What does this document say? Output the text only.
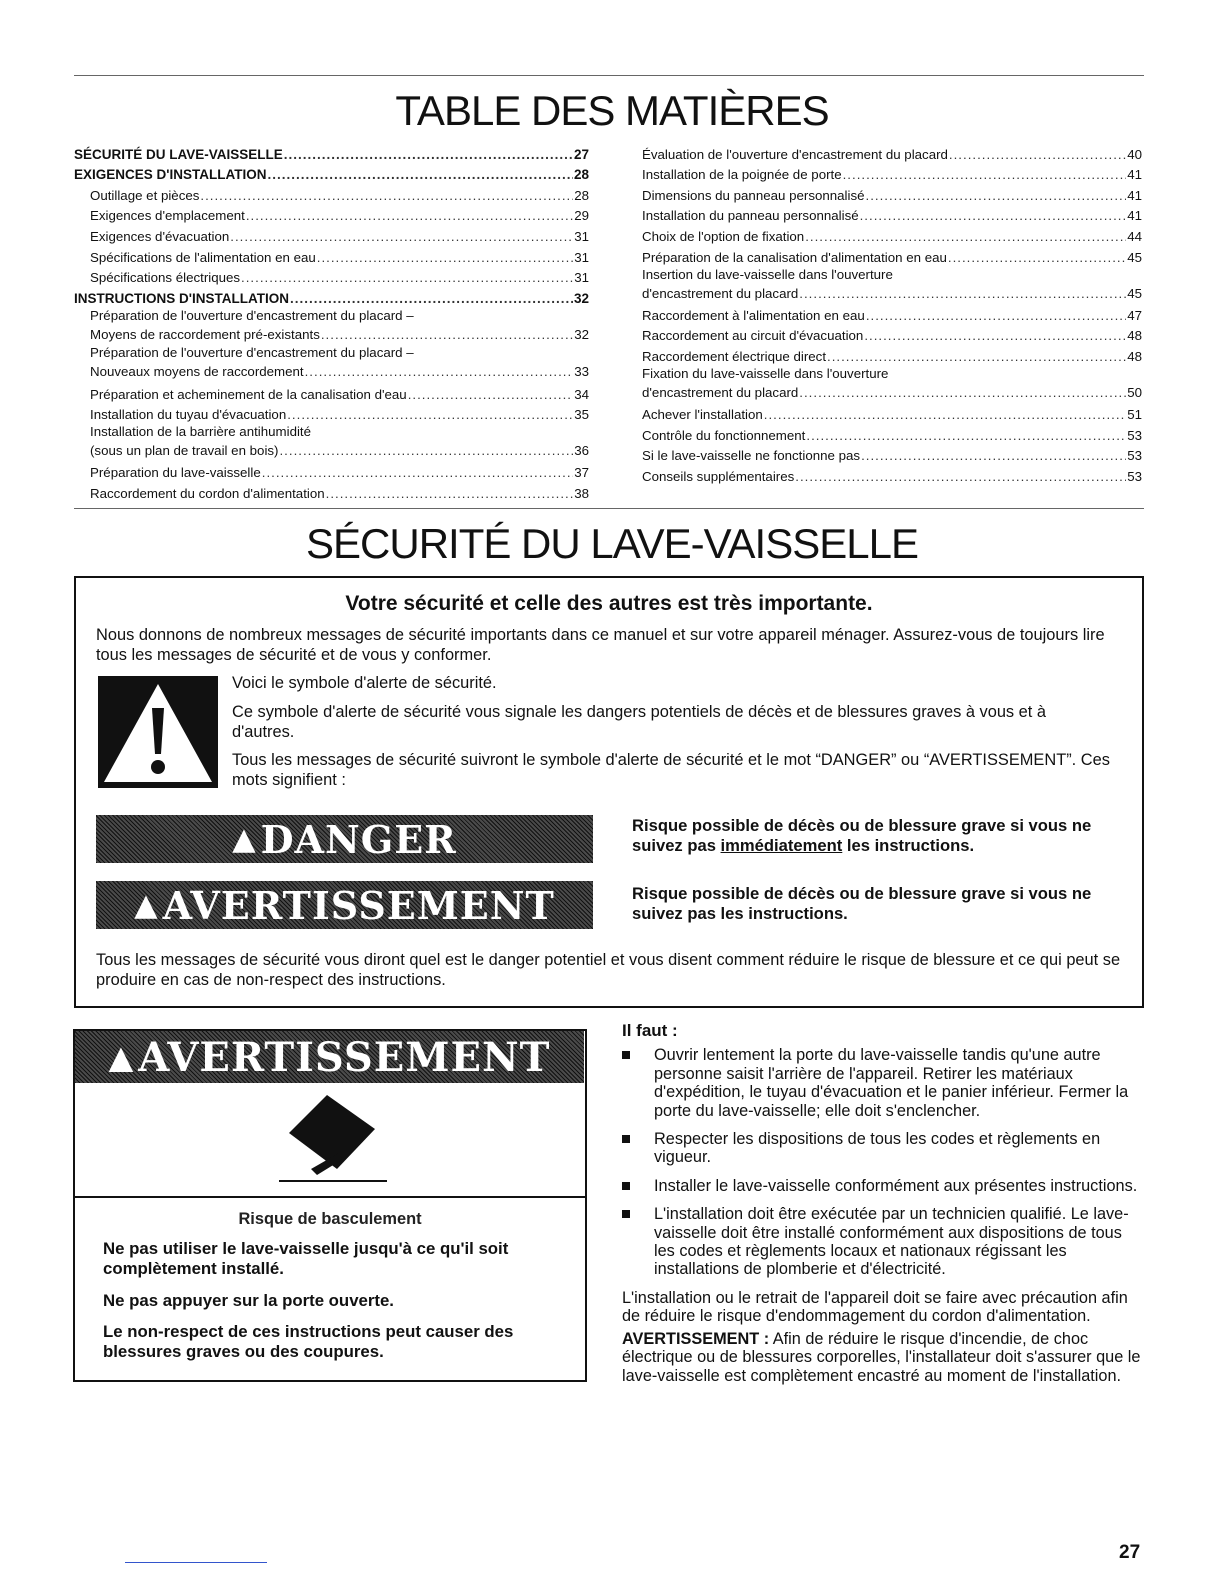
TABLE DES MATIÈRES
SÉCURITÉ DU LAVE-VAISSELLE .....	27
EXIGENCES D'INSTALLATION .....	28
Outillage et pièces .....	28
Exigences d'emplacement .....	29
Exigences d'évacuation .....	31
Spécifications de l'alimentation en eau .....	31
Spécifications électriques .....	31
INSTRUCTIONS D'INSTALLATION .....	32
Préparation de l'ouverture d'encastrement du placard –
Moyens de raccordement pré-existants .....	32
Préparation de l'ouverture d'encastrement du placard –
Nouveaux moyens de raccordement .....	33
Préparation et acheminement de la canalisation d'eau .....	34
Installation du tuyau d'évacuation .....	35
Installation de la barrière antihumidité
(sous un plan de travail en bois) .....	36
Préparation du lave-vaisselle .....	37
Raccordement du cordon d'alimentation .....	38
Évaluation de l'ouverture d'encastrement du placard .....	40
Installation de la poignée de porte .....	41
Dimensions du panneau personnalisé .....	41
Installation du panneau personnalisé .....	41
Choix de l'option de fixation .....	44
Préparation de la canalisation d'alimentation en eau .....	45
Insertion du lave-vaisselle dans l'ouverture
d'encastrement du placard .....	45
Raccordement à l'alimentation en eau .....	47
Raccordement au circuit d'évacuation .....	48
Raccordement électrique direct .....	48
Fixation du lave-vaisselle dans l'ouverture
d'encastrement du placard .....	50
Achever l'installation .....	51
Contrôle du fonctionnement .....	53
Si le lave-vaisselle ne fonctionne pas .....	53
Conseils supplémentaires .....	53
SÉCURITÉ DU LAVE-VAISSELLE
Votre sécurité et celle des autres est très importante.
Nous donnons de nombreux messages de sécurité importants dans ce manuel et sur votre appareil ménager. Assurez-vous de toujours lire tous les messages de sécurité et de vous y conformer.
Voici le symbole d'alerte de sécurité.
Ce symbole d'alerte de sécurité vous signale les dangers potentiels de décès et de blessures graves à vous et à d'autres.
Tous les messages de sécurité suivront le symbole d'alerte de sécurité et le mot “DANGER” ou “AVERTISSEMENT”. Ces mots signifient :
▲ DANGER	Risque possible de décès ou de blessure grave si vous ne suivez pas immédiatement les instructions.
▲ AVERTISSEMENT	Risque possible de décès ou de blessure grave si vous ne suivez pas les instructions.
Tous les messages de sécurité vous diront quel est le danger potentiel et vous disent comment réduire le risque de blessure et ce qui peut se produire en cas de non-respect des instructions.
▲ AVERTISSEMENT
Risque de basculement
Ne pas utiliser le lave-vaisselle jusqu'à ce qu'il soit complètement installé.
Ne pas appuyer sur la porte ouverte.
Le non-respect de ces instructions peut causer des blessures graves ou des coupures.
Il faut :
Ouvrir lentement la porte du lave-vaisselle tandis qu'une autre personne saisit l'arrière de l'appareil. Retirer les matériaux d'expédition, le tuyau d'évacuation et le panier inférieur. Fermer la porte du lave-vaisselle; elle doit s'enclencher.
Respecter les dispositions de tous les codes et règlements en vigueur.
Installer le lave-vaisselle conformément aux présentes instructions.
L'installation doit être exécutée par un technicien qualifié. Le lave-vaisselle doit être installé conformément aux dispositions de tous les codes et règlements locaux et nationaux régissant les installations de plomberie et d'électricité.

L'installation ou le retrait de l'appareil doit se faire avec précaution afin de réduire le risque d'endommagement du cordon d'alimentation.

AVERTISSEMENT : Afin de réduire le risque d'incendie, de choc électrique ou de blessures corporelles, l'installateur doit s'assurer que le lave-vaisselle est complètement encastré au moment de l'installation.

27
